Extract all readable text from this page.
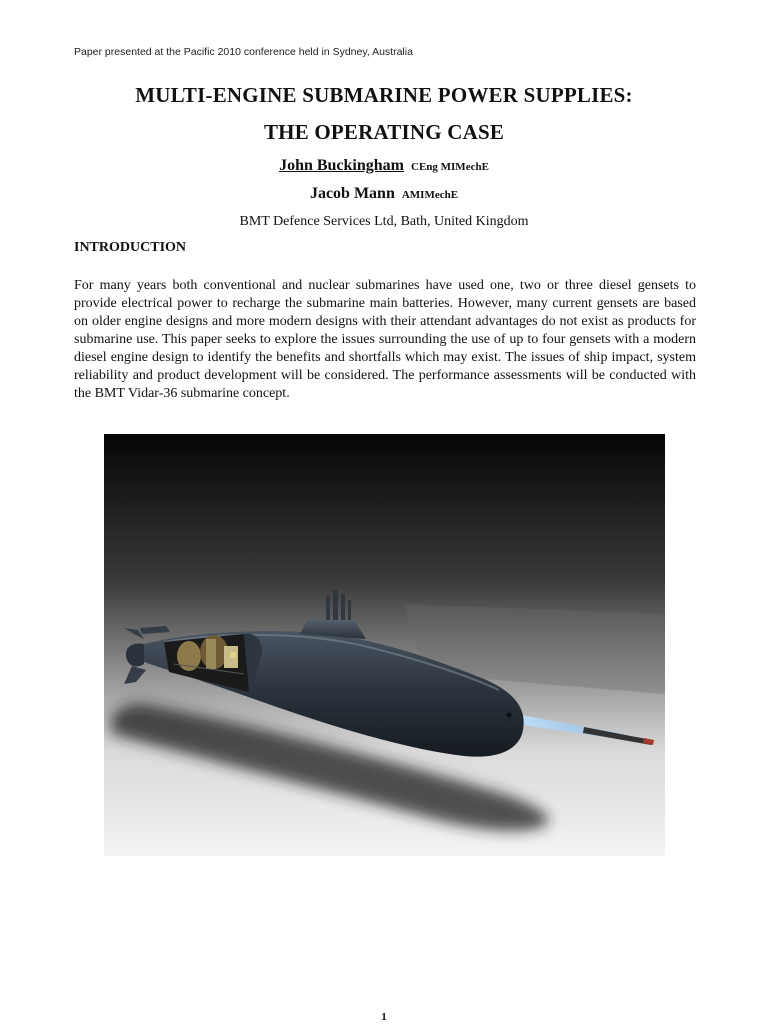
Paper presented at the Pacific 2010 conference held in Sydney, Australia
MULTI-ENGINE SUBMARINE POWER SUPPLIES:
THE OPERATING CASE
John Buckingham CEng MIMechE
Jacob Mann AMIMechE
BMT Defence Services Ltd, Bath, United Kingdom
INTRODUCTION

For many years both conventional and nuclear submarines have used one, two or three diesel gensets to provide electrical power to recharge the submarine main batteries. However, many current gensets are based on older engine designs and more modern designs with their attendant advantages do not exist as products for submarine use. This paper seeks to explore the issues surrounding the use of up to four gensets with a modern diesel engine design to identify the benefits and shortfalls which may exist. The issues of ship impact, system reliability and product development will be considered. The performance assessments will be conducted with the BMT Vidar-36 submarine concept.

1
